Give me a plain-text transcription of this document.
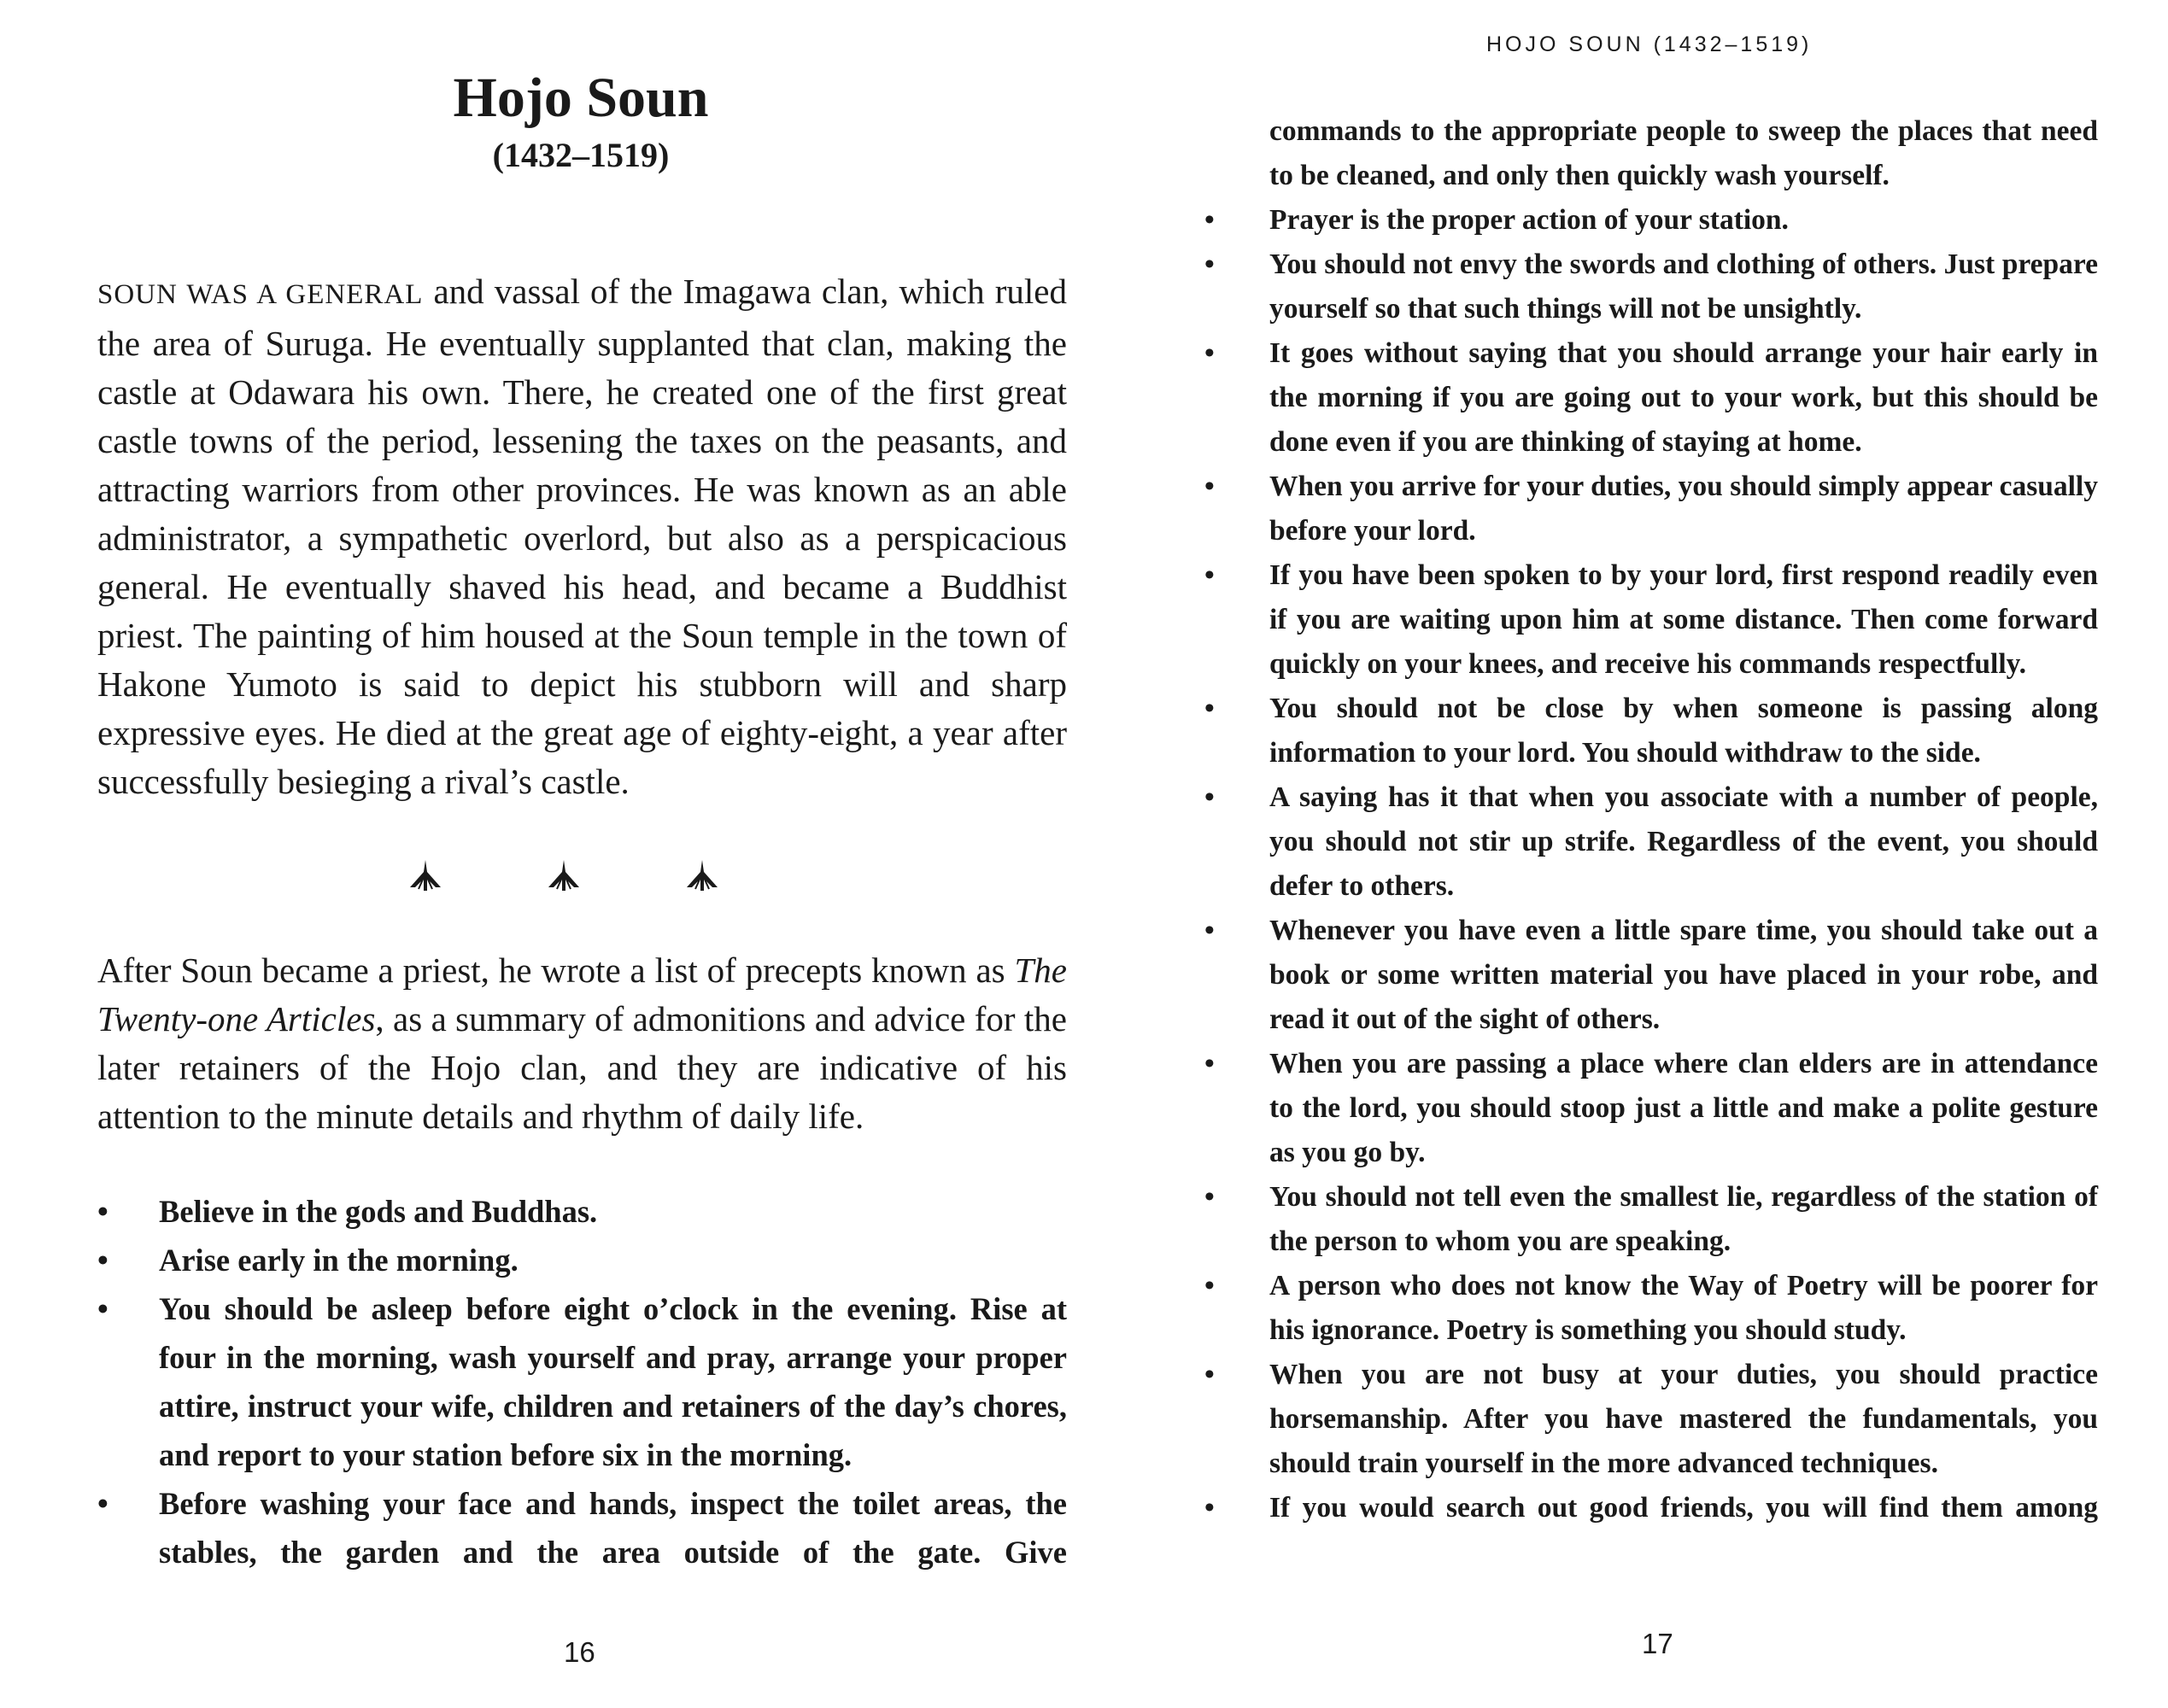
Hojo Soun
(1432–1519)

SOUN WAS A GENERAL and vassal of the Imagawa clan, which ruled the area of Suruga. He eventually supplanted that clan, making the castle at Odawara his own. There, he created one of the first great castle towns of the period, lessening the taxes on the peasants, and attracting warriors from other provinces. He was known as an able administrator, a sympathetic overlord, but also as a perspicacious general. He eventually shaved his head, and became a Buddhist priest. The painting of him housed at the Soun temple in the town of Hakone Yumoto is said to depict his stubborn will and sharp expressive eyes. He died at the great age of eighty-eight, a year after successfully besieging a rival’s castle.

After Soun became a priest, he wrote a list of precepts known as The Twenty-one Articles, as a summary of admonitions and advice for the later retainers of the Hojo clan, and they are indicative of his attention to the minute details and rhythm of daily life.

• Believe in the gods and Buddhas.
• Arise early in the morning.
• You should be asleep before eight o’clock in the evening. Rise at four in the morning, wash yourself and pray, arrange your proper attire, instruct your wife, children and retainers of the day’s chores, and report to your station before six in the morning.
• Before washing your face and hands, inspect the toilet areas, the stables, the garden and the area outside of the gate. Give
16
HOJO SOUN (1432–1519)
17
commands to the appropriate people to sweep the places that need to be cleaned, and only then quickly wash yourself.
• Prayer is the proper action of your station.
• You should not envy the swords and clothing of others. Just prepare yourself so that such things will not be unsightly.
• It goes without saying that you should arrange your hair early in the morning if you are going out to your work, but this should be done even if you are thinking of staying at home.
• When you arrive for your duties, you should simply appear casually before your lord.
• If you have been spoken to by your lord, first respond readily even if you are waiting upon him at some distance. Then come forward quickly on your knees, and receive his commands respectfully.
• You should not be close by when someone is passing along information to your lord. You should withdraw to the side.
• A saying has it that when you associate with a number of people, you should not stir up strife. Regardless of the event, you should defer to others.
• Whenever you have even a little spare time, you should take out a book or some written material you have placed in your robe, and read it out of the sight of others.
• When you are passing a place where clan elders are in attendance to the lord, you should stoop just a little and make a polite gesture as you go by.
• You should not tell even the smallest lie, regardless of the station of the person to whom you are speaking.
• A person who does not know the Way of Poetry will be poorer for his ignorance. Poetry is something you should study.
• When you are not busy at your duties, you should practice horsemanship. After you have mastered the fundamentals, you should train yourself in the more advanced techniques.
• If you would search out good friends, you will find them among
